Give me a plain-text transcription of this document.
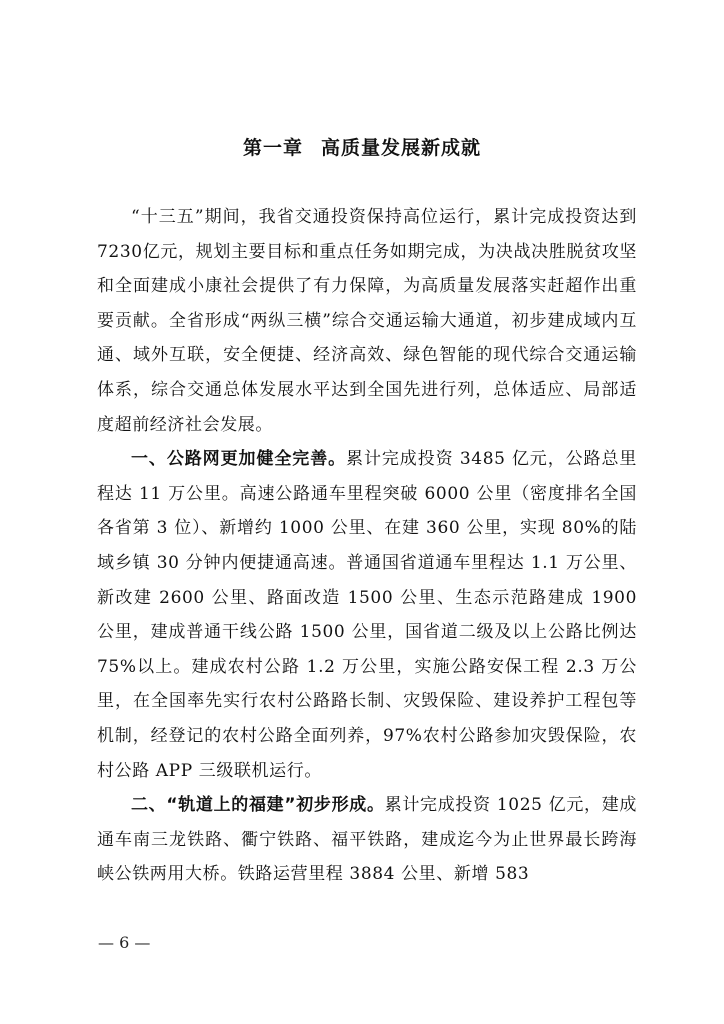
第一章 高质量发展新成就

“十三五”期间，我省交通投资保持高位运行，累计完成投资达到7230亿元，规划主要目标和重点任务如期完成，为决战决胜脱贫攻坚和全面建成小康社会提供了有力保障，为高质量发展落实赶超作出重要贡献。全省形成“两纵三横”综合交通运输大通道，初步建成域内互通、域外互联，安全便捷、经济高效、绿色智能的现代综合交通运输体系，综合交通总体发展水平达到全国先进行列，总体适应、局部适度超前经济社会发展。

一、公路网更加健全完善。累计完成投资 3485 亿元，公路总里程达 11 万公里。高速公路通车里程突破 6000 公里（密度排名全国各省第 3 位）、新增约 1000 公里、在建 360 公里，实现 80%的陆域乡镇 30 分钟内便捷通高速。普通国省道通车里程达 1.1 万公里、新改建 2600 公里、路面改造 1500 公里、生态示范路建成 1900 公里，建成普通干线公路 1500 公里，国省道二级及以上公路比例达 75%以上。建成农村公路 1.2 万公里，实施公路安保工程 2.3 万公里，在全国率先实行农村公路路长制、灾毁保险、建设养护工程包等机制，经登记的农村公路全面列养，97%农村公路参加灾毁保险，农村公路 APP 三级联机运行。

二、“轨道上的福建”初步形成。累计完成投资 1025 亿元，建成通车南三龙铁路、衢宁铁路、福平铁路，建成迄今为止世界最长跨海峡公铁两用大桥。铁路运营里程 3884 公里、新增 583

— 6 —
